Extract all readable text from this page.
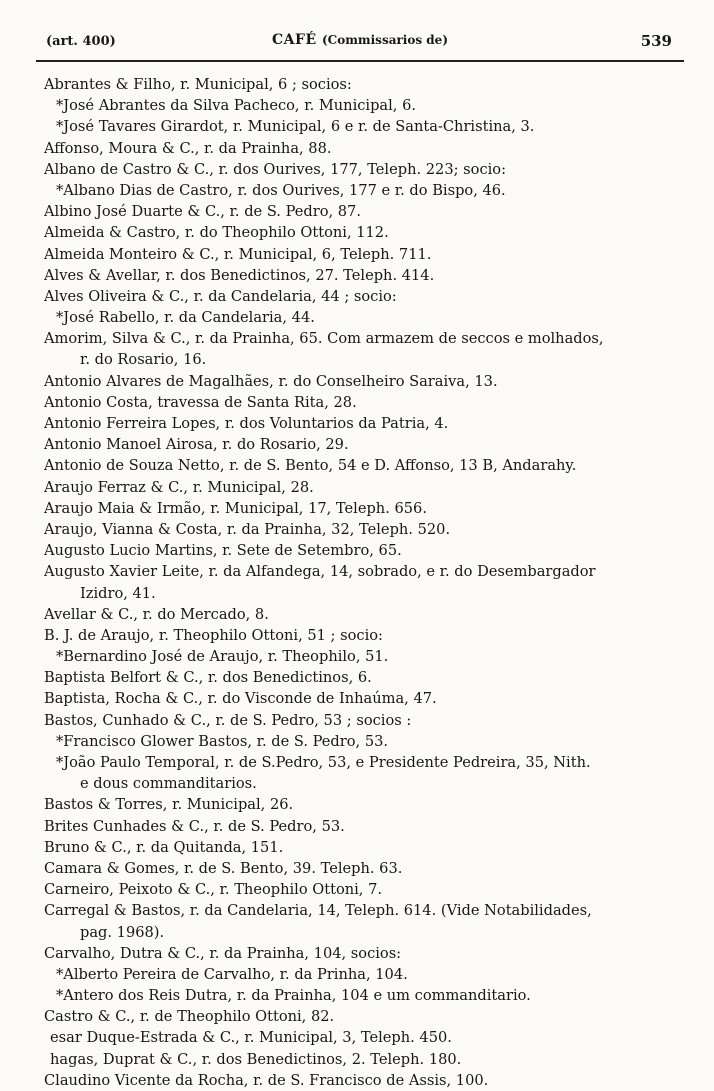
(art. 400)	CAFÉ (Commissarios de)	539
Abrantes & Filho, r. Municipal, 6 ; socios:
*José Abrantes da Silva Pacheco, r. Municipal, 6.
*José Tavares Girardot, r. Municipal, 6 e r. de Santa-Christina, 3.
Affonso, Moura & C., r. da Prainha, 88.
Albano de Castro & C., r. dos Ourives, 177, Teleph. 223; socio:
*Albano Dias de Castro, r. dos Ourives, 177 e r. do Bispo, 46.
Albino José Duarte & C., r. de S. Pedro, 87.
Almeida & Castro, r. do Theophilo Ottoni, 112.
Almeida Monteiro & C., r. Municipal, 6, Teleph. 711.
Alves & Avellar, r. dos Benedictinos, 27. Teleph. 414.
Alves Oliveira & C., r. da Candelaria, 44 ; socio:
*José Rabello, r. da Candelaria, 44.
Amorim, Silva & C., r. da Prainha, 65. Com armazem de seccos e molhados,
r. do Rosario, 16.
Antonio Alvares de Magalhães, r. do Conselheiro Saraiva, 13.
Antonio Costa, travessa de Santa Rita, 28.
Antonio Ferreira Lopes, r. dos Voluntarios da Patria, 4.
Antonio Manoel Airosa, r. do Rosario, 29.
Antonio de Souza Netto, r. de S. Bento, 54 e D. Affonso, 13 B, Andarahy.
Araujo Ferraz & C., r. Municipal, 28.
Araujo Maia & Irmão, r. Municipal, 17, Teleph. 656.
Araujo, Vianna & Costa, r. da Prainha, 32, Teleph. 520.
Augusto Lucio Martins, r. Sete de Setembro, 65.
Augusto Xavier Leite, r. da Alfandega, 14, sobrado, e r. do Desembargador
Izidro, 41.
Avellar & C., r. do Mercado, 8.
B. J. de Araujo, r. Theophilo Ottoni, 51 ; socio:
*Bernardino José de Araujo, r. Theophilo, 51.
Baptista Belfort & C., r. dos Benedictinos, 6.
Baptista, Rocha & C., r. do Visconde de Inhaúma, 47.
Bastos, Cunhado & C., r. de S. Pedro, 53 ; socios :
*Francisco Glower Bastos, r. de S. Pedro, 53.
*João Paulo Temporal, r. de S.Pedro, 53, e Presidente Pedreira, 35, Nith.
e dous commanditarios.
Bastos & Torres, r. Municipal, 26.
Brites Cunhades & C., r. de S. Pedro, 53.
Bruno & C., r. da Quitanda, 151.
Camara & Gomes, r. de S. Bento, 39. Teleph. 63.
Carneiro, Peixoto & C., r. Theophilo Ottoni, 7.
Carregal & Bastos, r. da Candelaria, 14, Teleph. 614. (Vide Notabilidades,
pag. 1968).
Carvalho, Dutra & C., r. da Prainha, 104, socios:
*Alberto Pereira de Carvalho, r. da Prinha, 104.
*Antero dos Reis Dutra, r. da Prainha, 104 e um commanditario.
Castro & C., r. de Theophilo Ottoni, 82.
esar Duque-Estrada & C., r. Municipal, 3, Teleph. 450.
hagas, Duprat & C., r. dos Benedictinos, 2. Teleph. 180.
Claudino Vicente da Rocha, r. de S. Francisco de Assis, 100.
